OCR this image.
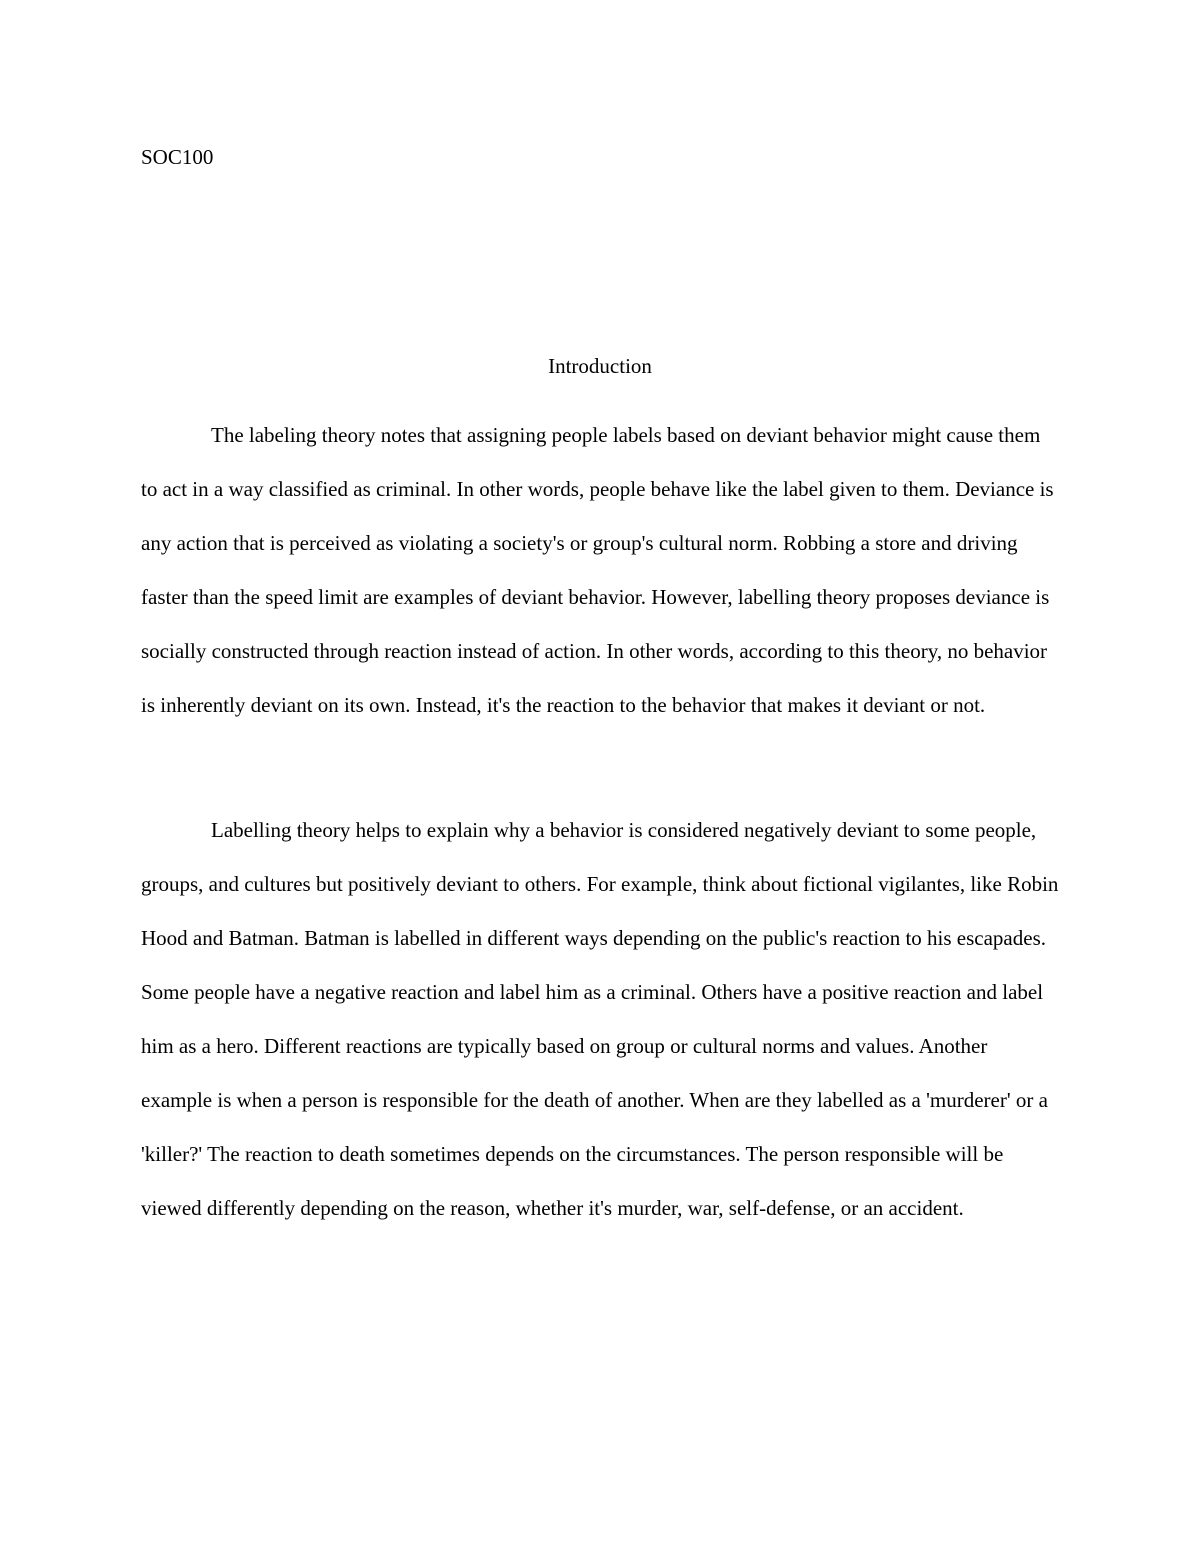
SOC100
Introduction

The labeling theory notes that assigning people labels based on deviant behavior might cause them to act in a way classified as criminal. In other words, people behave like the label given to them. Deviance is any action that is perceived as violating a society's or group's cultural norm. Robbing a store and driving faster than the speed limit are examples of deviant behavior. However, labelling theory proposes deviance is socially constructed through reaction instead of action. In other words, according to this theory, no behavior is inherently deviant on its own. Instead, it's the reaction to the behavior that makes it deviant or not.

Labelling theory helps to explain why a behavior is considered negatively deviant to some people, groups, and cultures but positively deviant to others. For example, think about fictional vigilantes, like Robin Hood and Batman. Batman is labelled in different ways depending on the public's reaction to his escapades. Some people have a negative reaction and label him as a criminal. Others have a positive reaction and label him as a hero. Different reactions are typically based on group or cultural norms and values. Another example is when a person is responsible for the death of another. When are they labelled as a 'murderer' or a 'killer?' The reaction to death sometimes depends on the circumstances. The person responsible will be viewed differently depending on the reason, whether it's murder, war, self-defense, or an accident.
